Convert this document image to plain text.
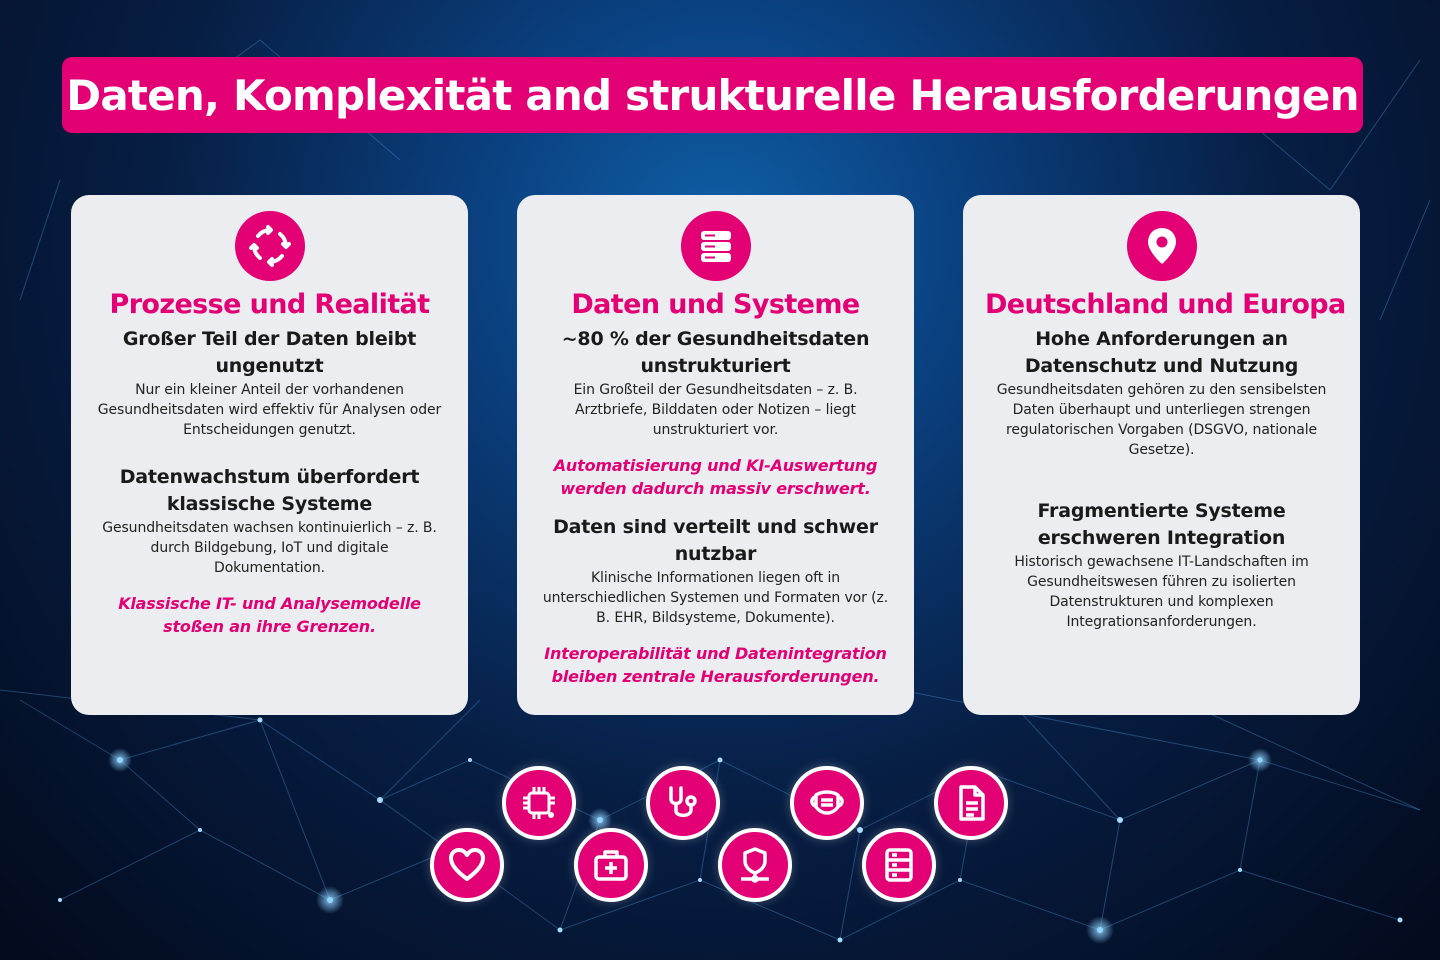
Daten, Komplexität and strukturelle Herausforderungen
Prozesse und Realität

Großer Teil der Daten bleibt ungenutzt

Nur ein kleiner Anteil der vorhandenen Gesundheitsdaten wird effektiv für Analysen oder Entscheidungen genutzt.

Datenwachstum überfordert klassische Systeme

Gesundheitsdaten wachsen kontinuierlich – z. B. durch Bildgebung, IoT und digitale Dokumentation.

Klassische IT- und Analysemodelle stoßen an ihre Grenzen.

Daten und Systeme

~80 % der Gesundheitsdaten unstrukturiert

Ein Großteil der Gesundheitsdaten – z. B. Arztbriefe, Bilddaten oder Notizen – liegt unstrukturiert vor.

Automatisierung und KI-Auswertung werden dadurch massiv erschwert.

Daten sind verteilt und schwer nutzbar

Klinische Informationen liegen oft in unterschiedlichen Systemen und Formaten vor (z. B. EHR, Bildsysteme, Dokumente).

Interoperabilität und Datenintegration bleiben zentrale Herausforderungen.

Deutschland und Europa

Hohe Anforderungen an Datenschutz und Nutzung

Gesundheitsdaten gehören zu den sensibelsten Daten überhaupt und unterliegen strengen regulatorischen Vorgaben (DSGVO, nationale Gesetze).

Fragmentierte Systeme erschweren Integration

Historisch gewachsene IT-Landschaften im Gesundheitswesen führen zu isolierten Datenstrukturen und komplexen Integrationsanforderungen.
